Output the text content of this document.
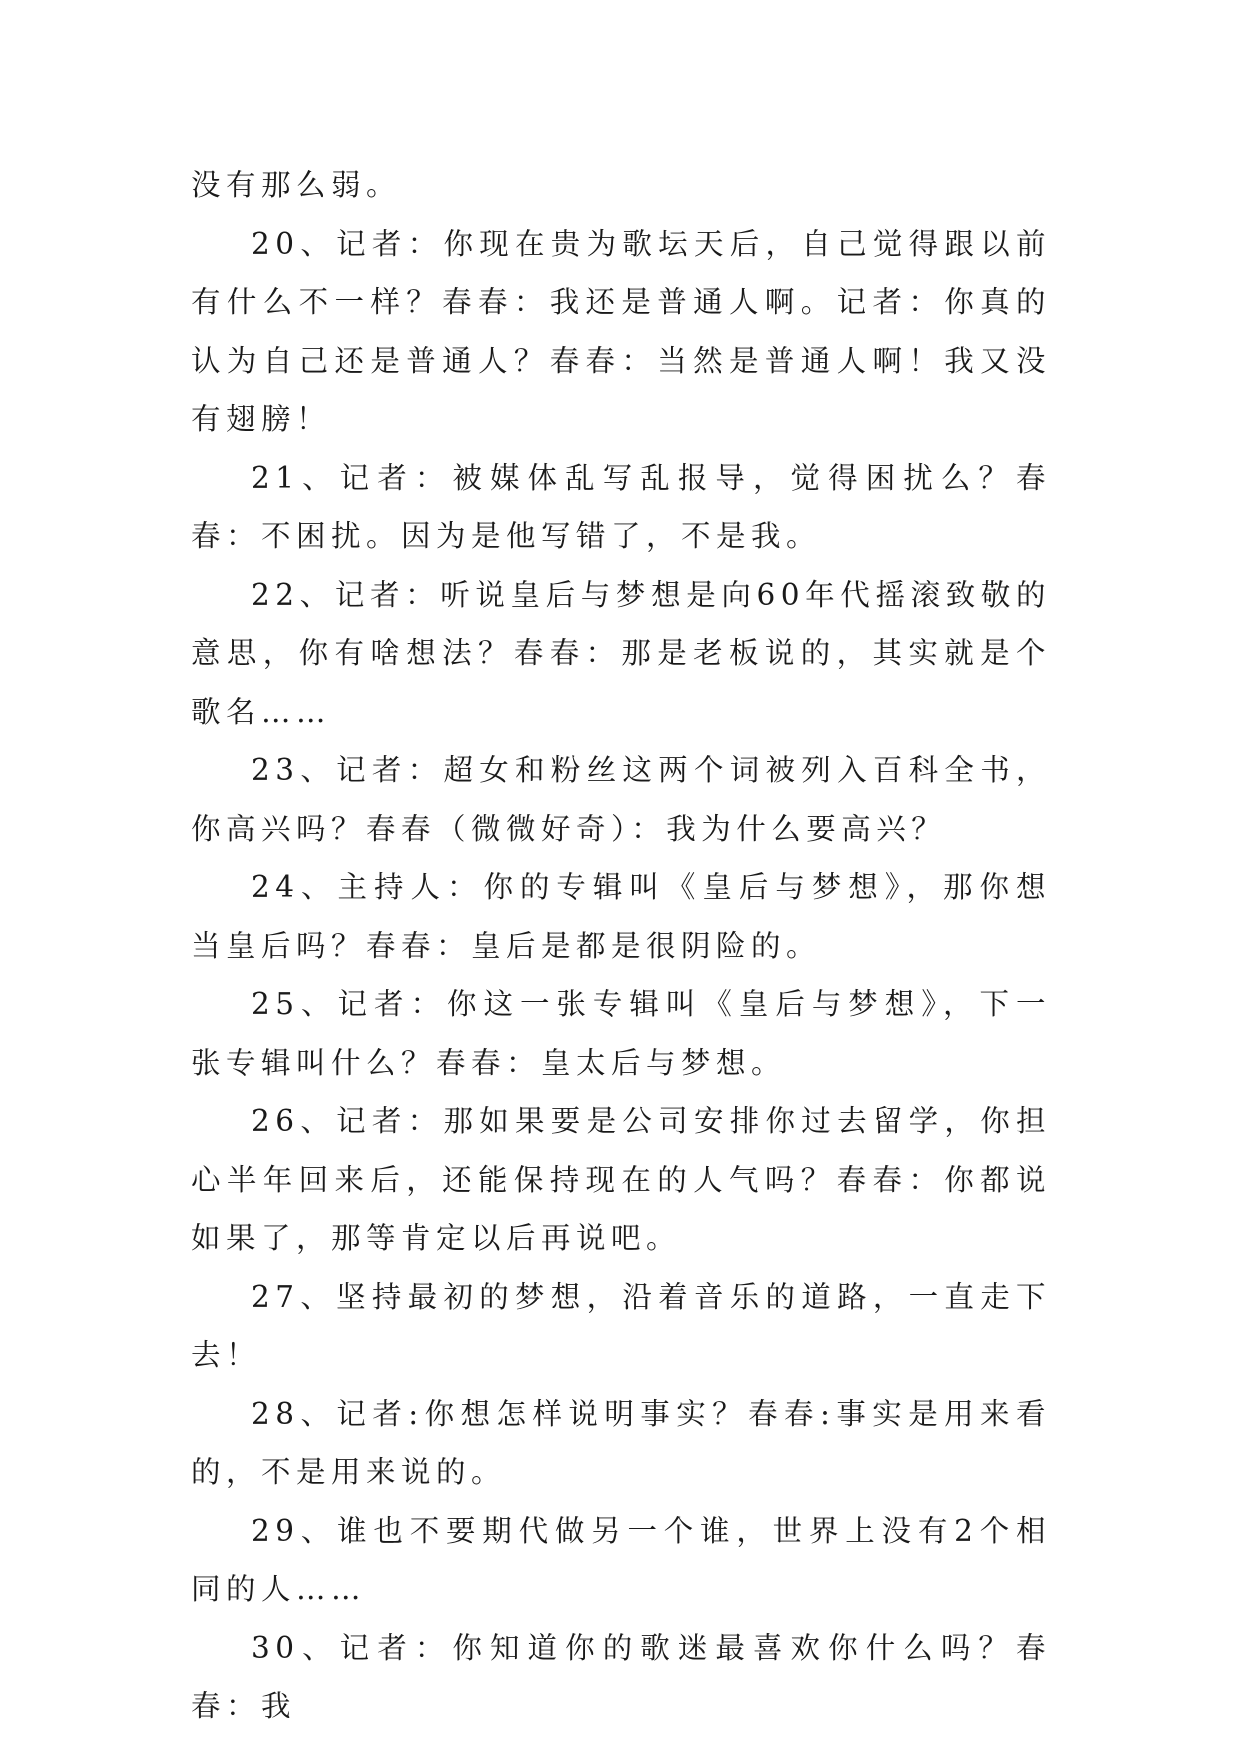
没有那么弱。

20、记者：你现在贵为歌坛天后，自己觉得跟以前有什么不一样？春春：我还是普通人啊。记者：你真的认为自己还是普通人？春春：当然是普通人啊！我又没有翅膀！

21、记者：被媒体乱写乱报导，觉得困扰么？春春：不困扰。因为是他写错了，不是我。

22、记者：听说皇后与梦想是向60年代摇滚致敬的意思，你有啥想法？春春：那是老板说的，其实就是个歌名……

23、记者：超女和粉丝这两个词被列入百科全书，你高兴吗？春春（微微好奇）：我为什么要高兴？

24、主持人：你的专辑叫《皇后与梦想》，那你想当皇后吗？春春：皇后是都是很阴险的。

25、记者：你这一张专辑叫《皇后与梦想》，下一张专辑叫什么？春春：皇太后与梦想。

26、记者：那如果要是公司安排你过去留学，你担心半年回来后，还能保持现在的人气吗？春春：你都说如果了，那等肯定以后再说吧。

27、坚持最初的梦想，沿着音乐的道路，一直走下去！

28、记者:你想怎样说明事实？春春:事实是用来看的，不是用来说的。

29、谁也不要期代做另一个谁，世界上没有2个相同的人……

30、记者：你知道你的歌迷最喜欢你什么吗？春春：我
